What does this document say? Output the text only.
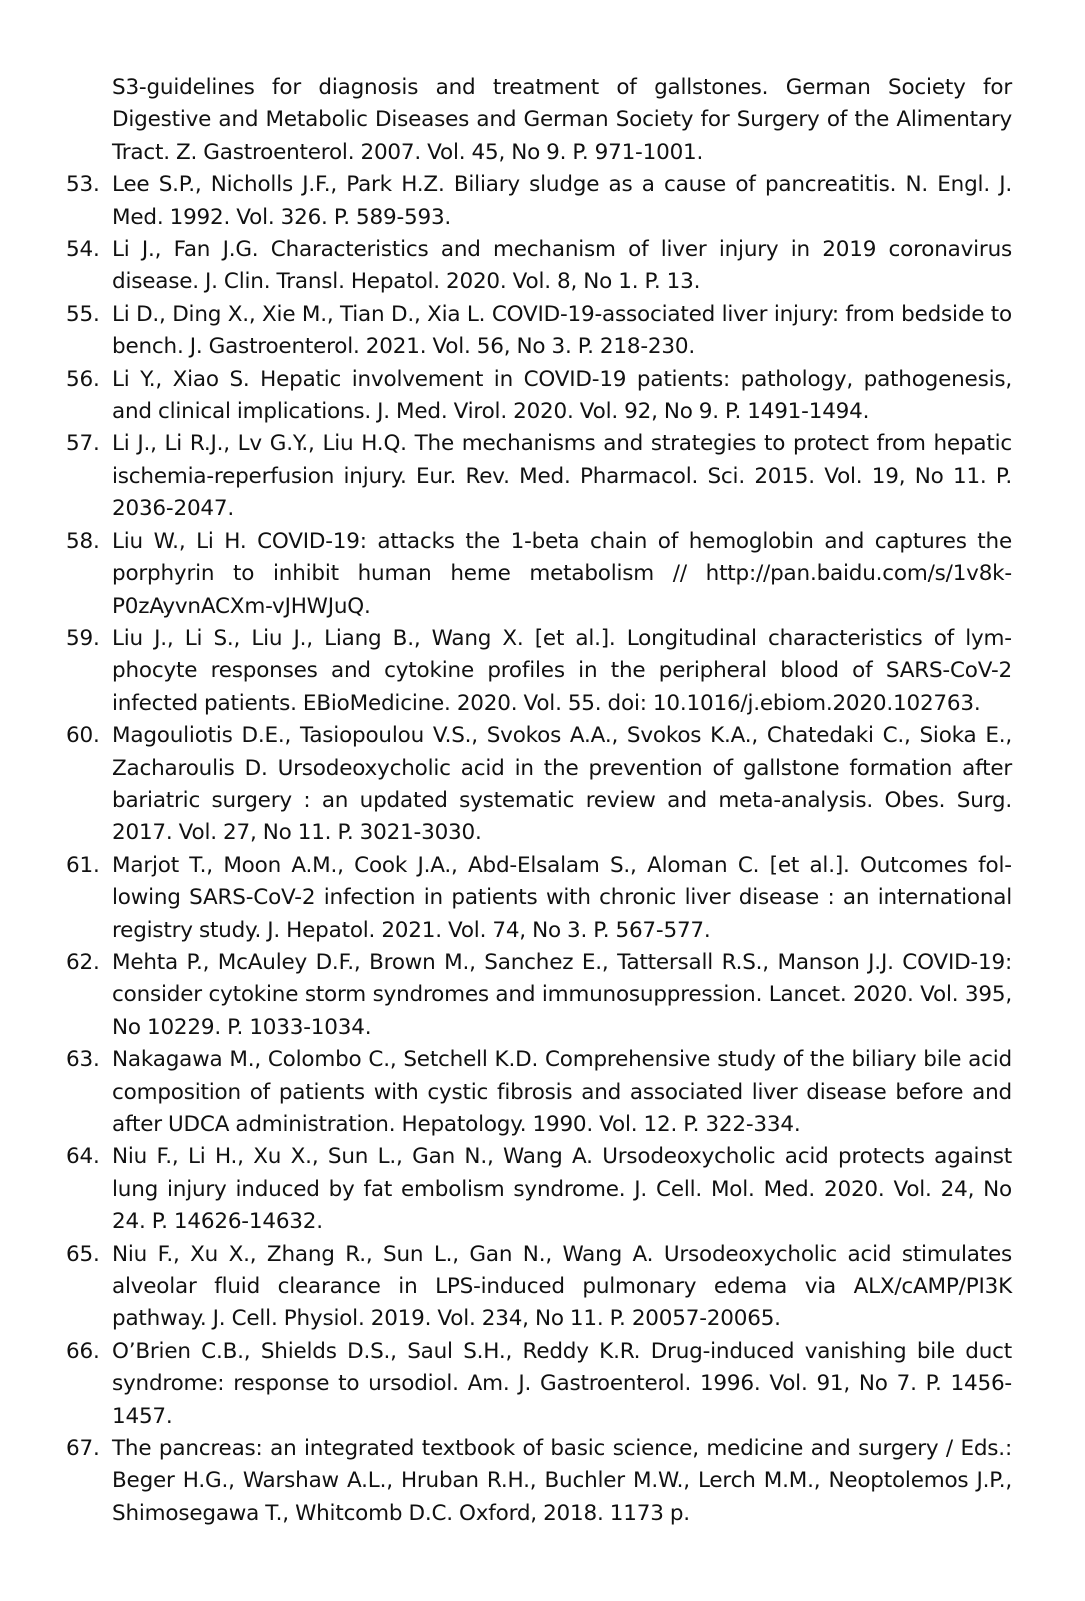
S3-guidelines for diagnosis and treatment of gallstones. German Society for Digestive and Metabolic Diseases and German Society for Surgery of the Alimentary Tract. Z. Gastroenterol. 2007. Vol. 45, No 9. P. 971-1001.
53. Lee S.P., Nicholls J.F., Park H.Z. Biliary sludge as a cause of pancreatitis. N. Engl. J. Med. 1992. Vol. 326. P. 589-593.
54. Li J., Fan J.G. Characteristics and mechanism of liver injury in 2019 coronavirus disease. J. Clin. Transl. Hepatol. 2020. Vol. 8, No 1. P. 13.
55. Li D., Ding X., Xie M., Tian D., Xia L. COVID-19-associated liver injury: from bedside to bench. J. Gastroenterol. 2021. Vol. 56, No 3. P. 218-230.
56. Li Y., Xiao S. Hepatic involvement in COVID-19 patients: pathology, pathogenesis, and clinical implications. J. Med. Virol. 2020. Vol. 92, No 9. P. 1491-1494.
57. Li J., Li R.J., Lv G.Y., Liu H.Q. The mechanisms and strategies to protect from hepatic ischemia-reperfusion injury. Eur. Rev. Med. Pharmacol. Sci. 2015. Vol. 19, No 11. P. 2036-2047.
58. Liu W., Li H. COVID-19: attacks the 1-beta chain of hemoglobin and captures the porphyrin to inhibit human heme metabolism // http://pan.baidu.com/s/1v8k-P0zAyvnACXm-vJHWJuQ.
59. Liu J., Li S., Liu J., Liang B., Wang X. [et al.]. Longitudinal characteristics of lymphocyte responses and cytokine profiles in the peripheral blood of SARS-CoV-2 infected patients. EBioMedicine. 2020. Vol. 55. doi: 10.1016/j.ebiom.2020.102763.
60. Magouliotis D.E., Tasiopoulou V.S., Svokos A.A., Svokos K.A., Chatedaki C., Sioka E., Zacharoulis D. Ursodeoxycholic acid in the prevention of gallstone formation after bariatric surgery : an updated systematic review and meta-analysis. Obes. Surg. 2017. Vol. 27, No 11. P. 3021-3030.
61. Marjot T., Moon A.M., Cook J.A., Abd-Elsalam S., Aloman C. [et al.]. Outcomes following SARS-CoV-2 infection in patients with chronic liver disease : an international registry study. J. Hepatol. 2021. Vol. 74, No 3. P. 567-577.
62. Mehta P., McAuley D.F., Brown M., Sanchez E., Tattersall R.S., Manson J.J. COVID-19: consider cytokine storm syndromes and immunosuppression. Lancet. 2020. Vol. 395, No 10229. P. 1033-1034.
63. Nakagawa M., Colombo C., Setchell K.D. Comprehensive study of the biliary bile acid composition of patients with cystic fibrosis and associated liver disease before and after UDCA administration. Hepatology. 1990. Vol. 12. P. 322-334.
64. Niu F., Li H., Xu X., Sun L., Gan N., Wang A. Ursodeoxycholic acid protects against lung injury induced by fat embolism syndrome. J. Cell. Mol. Med. 2020. Vol. 24, No 24. P. 14626-14632.
65. Niu F., Xu X., Zhang R., Sun L., Gan N., Wang A. Ursodeoxycholic acid stimulates alveolar fluid clearance in LPS-induced pulmonary edema via ALX/cAMP/PI3K pathway. J. Cell. Physiol. 2019. Vol. 234, No 11. P. 20057-20065.
66. O’Brien C.B., Shields D.S., Saul S.H., Reddy K.R. Drug-induced vanishing bile duct syndrome: response to ursodiol. Am. J. Gastroenterol. 1996. Vol. 91, No 7. P. 1456-1457.
67. The pancreas: an integrated textbook of basic science, medicine and surgery / Eds.: Beger H.G., Warshaw A.L., Hruban R.H., Buchler M.W., Lerch M.M., Neoptolemos J.P., Shimosegawa T., Whitcomb D.C. Oxford, 2018. 1173 p.
